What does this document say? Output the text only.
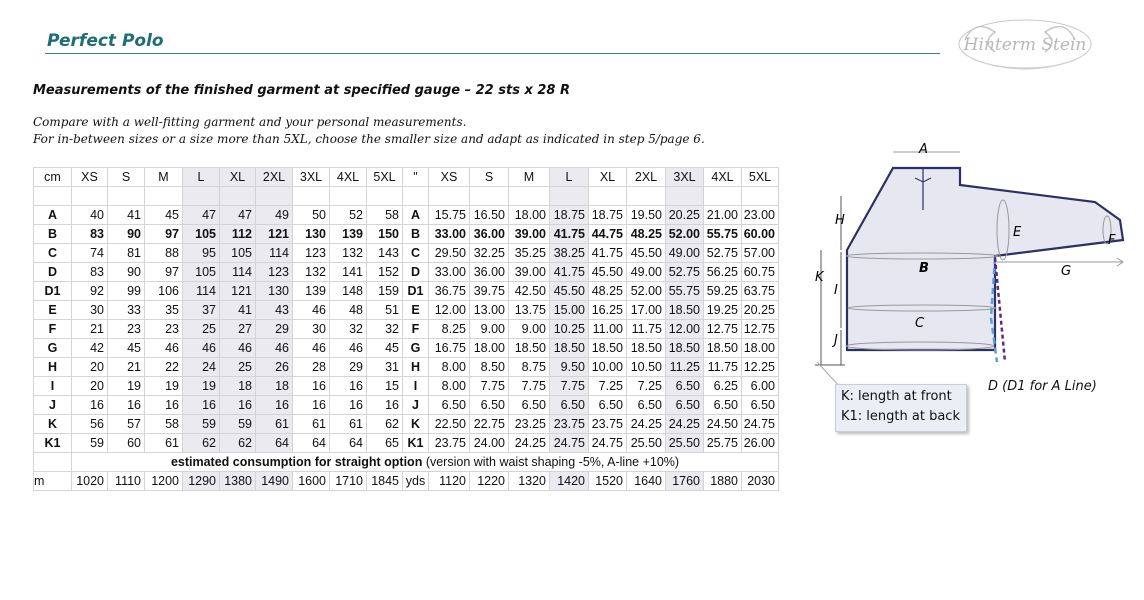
Perfect Polo	Hinterm Stein
Measurements of the finished garment at specified gauge – 22 sts x 28 R
Compare with a well-fitting garment and your personal measurements.
For in-between sizes or a size more than 5XL, choose the smaller size and adapt as indicated in step 5/page 6.
cm	XS	S	M	L	XL	2XL	3XL	4XL	5XL	"	XS	S	M	L	XL	2XL	3XL	4XL	5XL

A	40	41	45	47	47	49	50	52	58	A	15.75	16.50	18.00	18.75	18.75	19.50	20.25	21.00	23.00
B	83	90	97	105	112	121	130	139	150	B	33.00	36.00	39.00	41.75	44.75	48.25	52.00	55.75	60.00
C	74	81	88	95	105	114	123	132	143	C	29.50	32.25	35.25	38.25	41.75	45.50	49.00	52.75	57.00
D	83	90	97	105	114	123	132	141	152	D	33.00	36.00	39.00	41.75	45.50	49.00	52.75	56.25	60.75
D1	92	99	106	114	121	130	139	148	159	D1	36.75	39.75	42.50	45.50	48.25	52.00	55.75	59.25	63.75
E	30	33	35	37	41	43	46	48	51	E	12.00	13.00	13.75	15.00	16.25	17.00	18.50	19.25	20.25
F	21	23	23	25	27	29	30	32	32	F	8.25	9.00	9.00	10.25	11.00	11.75	12.00	12.75	12.75
G	42	45	46	46	46	46	46	46	45	G	16.75	18.00	18.50	18.50	18.50	18.50	18.50	18.50	18.00
H	20	21	22	24	25	26	28	29	31	H	8.00	8.50	8.75	9.50	10.00	10.50	11.25	11.75	12.25
I	20	19	19	19	18	18	16	16	15	I	8.00	7.75	7.75	7.75	7.25	7.25	6.50	6.25	6.00
J	16	16	16	16	16	16	16	16	16	J	6.50	6.50	6.50	6.50	6.50	6.50	6.50	6.50	6.50
K	56	57	58	59	59	61	61	61	62	K	22.50	22.75	23.25	23.75	23.75	24.25	24.25	24.50	24.75
K1	59	60	61	62	62	64	64	64	65	K1	23.75	24.00	24.25	24.75	24.75	25.50	25.50	25.75	26.00
	estimated consumption for straight option (version with waist shaping -5%, A-line +10%)																		
m	1020	1110	1200	1290	1380	1490	1600	1710	1845	yds	1120	1220	1320	1420	1520	1640	1760	1880	2030
A
B
C
E
F
G
H
I
J
K
K: length at front
K1: length at back
D (D1 for A Line)
